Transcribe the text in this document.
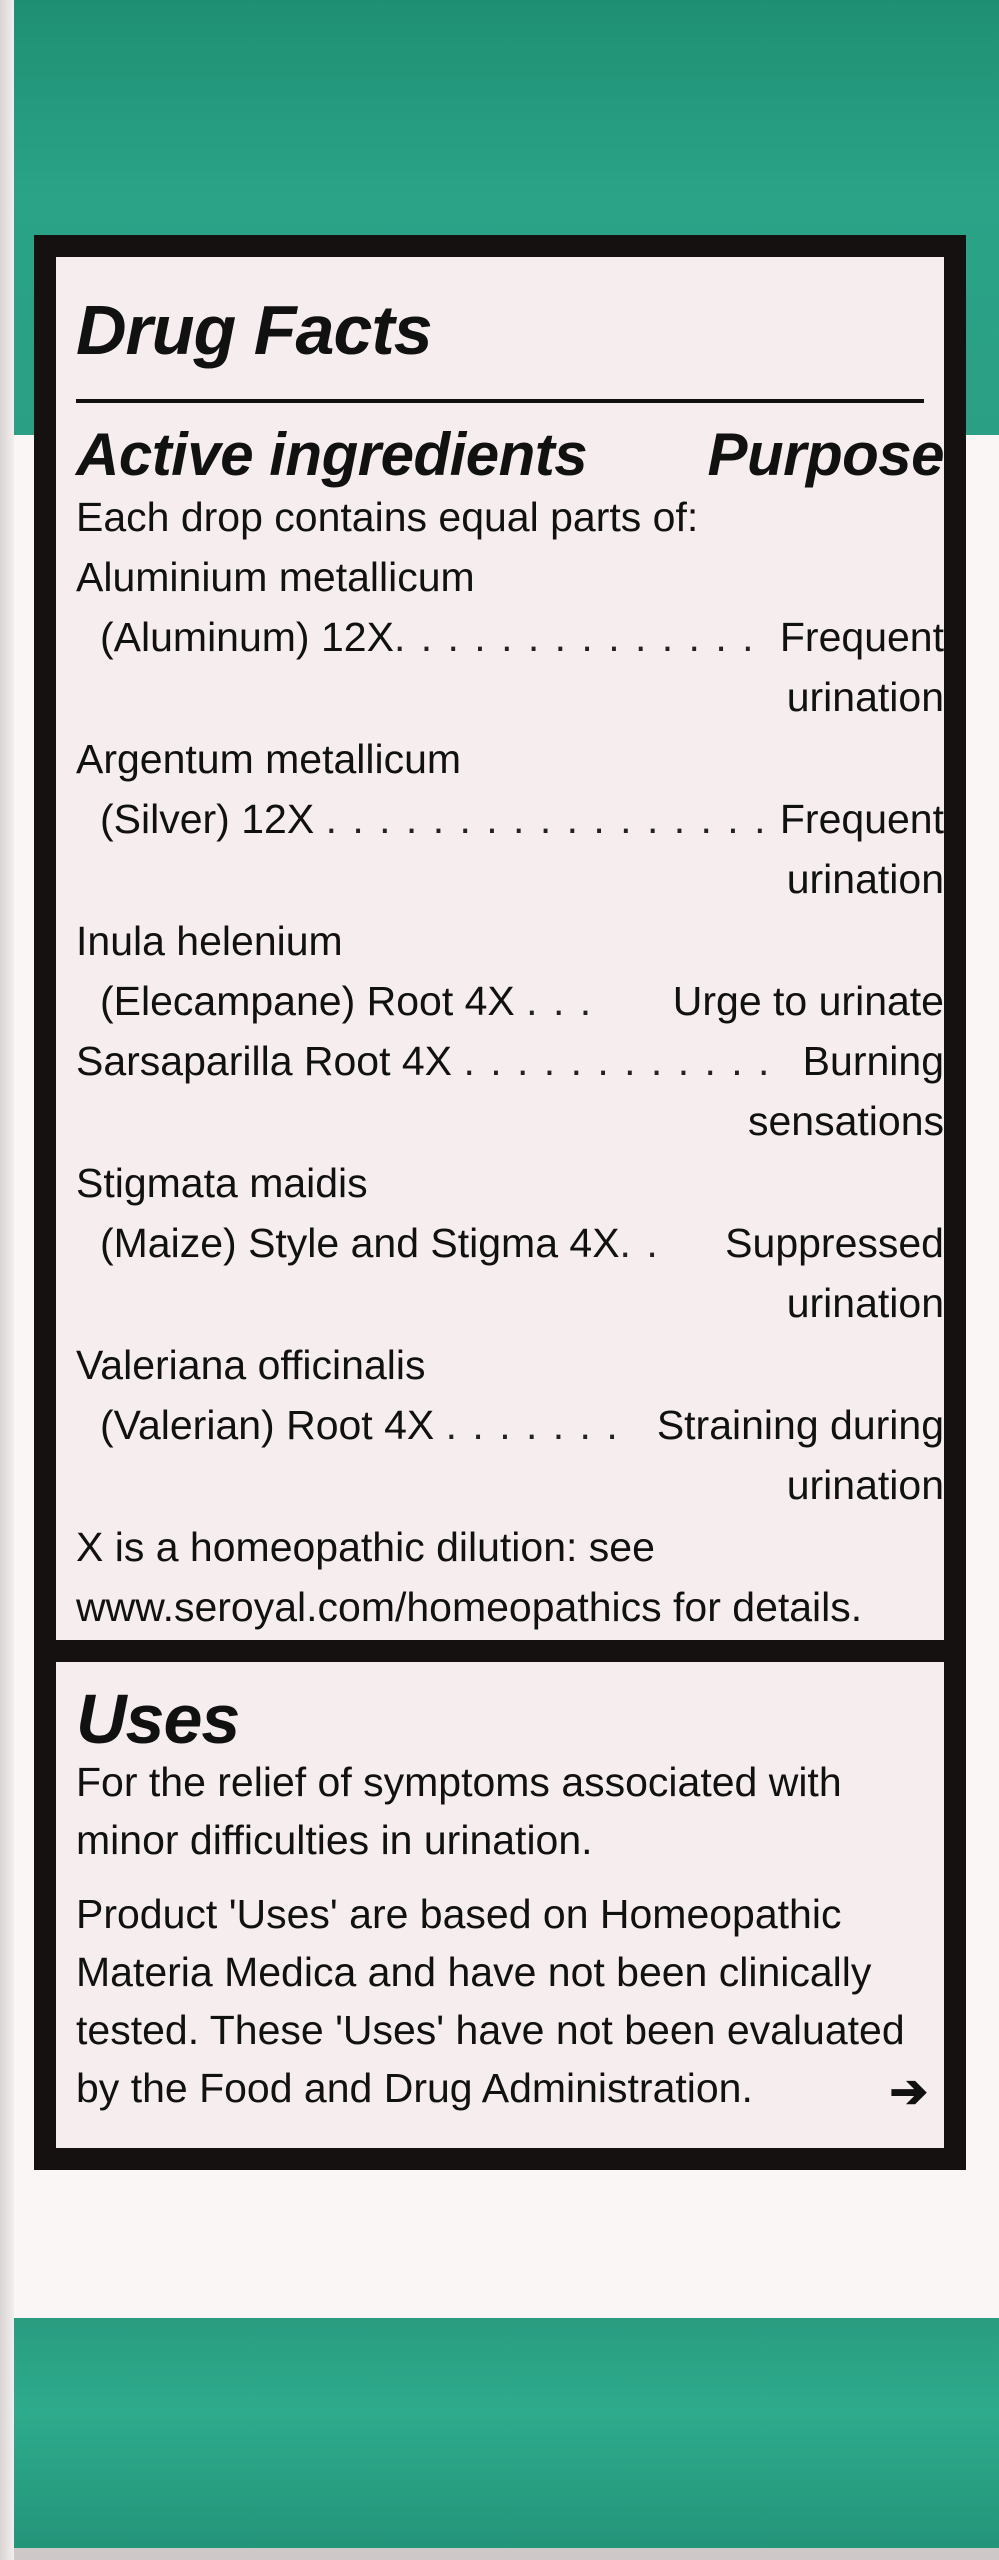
Drug Facts
Active ingredients Purpose
Each drop contains equal parts of:
Aluminium metallicum
(Aluminum) 12X. . . . . . . . . . . . . . Frequent
urination
Argentum metallicum
(Silver) 12X . . . . . . . . . . . . . . . . . Frequent
urination
Inula helenium
(Elecampane) Root 4X . . . Urge to urinate
Sarsaparilla Root 4X . . . . . . . . . . . . Burning
sensations
Stigmata maidis
(Maize) Style and Stigma 4X. . Suppressed
urination
Valeriana officinalis
(Valerian) Root 4X . . . . . . . Straining during
urination
X is a homeopathic dilution: see
www.seroyal.com/homeopathics for details.
Uses
For the relief of symptoms associated with
minor difficulties in urination.
Product 'Uses' are based on Homeopathic
Materia Medica and have not been clinically
tested. These 'Uses' have not been evaluated
by the Food and Drug Administration.	➔
